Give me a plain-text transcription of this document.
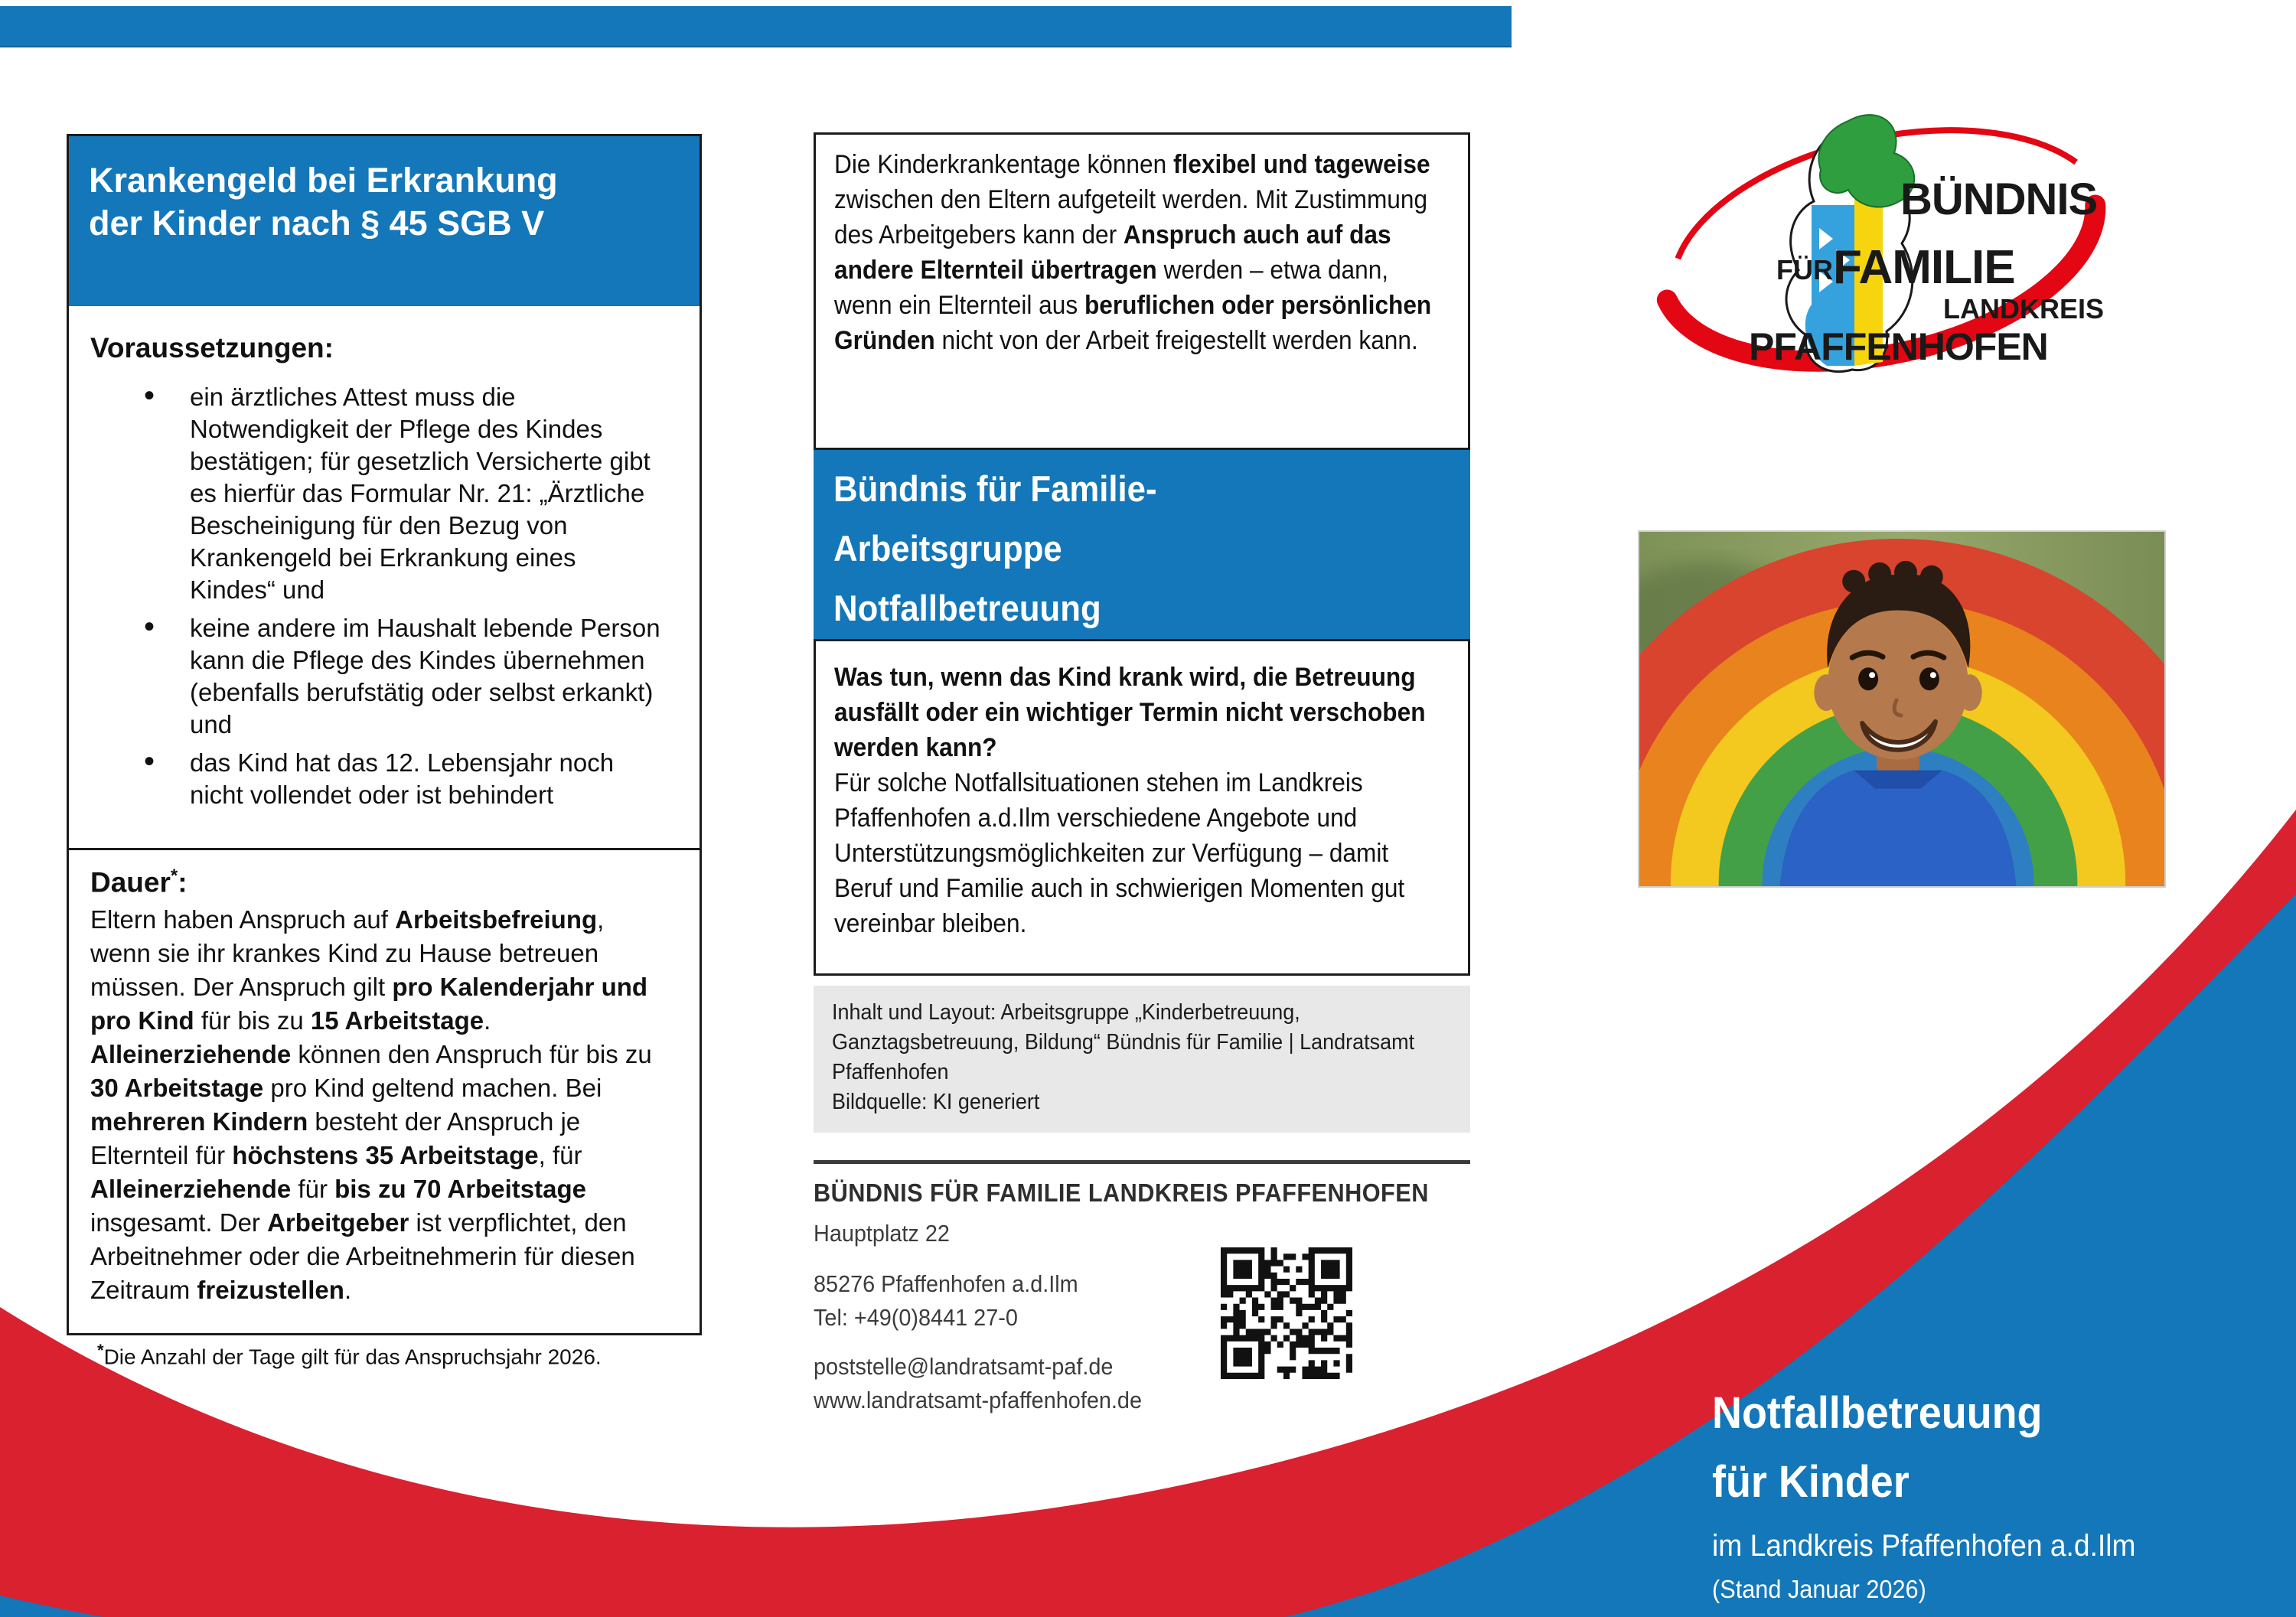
Krankengeld bei Erkrankung
der Kinder nach § 45 SGB V
Voraussetzungen:
• ein ärztliches Attest muss die Notwendigkeit der Pflege des Kindes bestätigen; für gesetzlich Versicherte gibt es hierfür das Formular Nr. 21: „Ärztliche Bescheinigung für den Bezug von Krankengeld bei Erkrankung eines Kindes“ und
• keine andere im Haushalt lebende Person kann die Pflege des Kindes übernehmen (ebenfalls berufstätig oder selbst erkankt) und
• das Kind hat das 12. Lebensjahr noch nicht vollendet oder ist behindert
Dauer*:

Eltern haben Anspruch auf Arbeitsbefreiung, wenn sie ihr krankes Kind zu Hause betreuen müssen. Der Anspruch gilt pro Kalenderjahr und pro Kind für bis zu 15 Arbeitstage. Alleinerziehende können den Anspruch für bis zu 30 Arbeitstage pro Kind geltend machen. Bei mehreren Kindern besteht der Anspruch je Elternteil für höchstens 35 Arbeitstage, für Alleinerziehende für bis zu 70 Arbeitstage insgesamt. Der Arbeitgeber ist verpflichtet, den Arbeitnehmer oder die Arbeitnehmerin für diesen Zeitraum freizustellen.

*Die Anzahl der Tage gilt für das Anspruchsjahr 2026.

Die Kinderkrankentage können flexibel und tageweise zwischen den Eltern aufgeteilt werden. Mit Zustimmung des Arbeitgebers kann der Anspruch auch auf das andere Elternteil übertragen werden – etwa dann, wenn ein Elternteil aus beruflichen oder persönlichen Gründen nicht von der Arbeit freigestellt werden kann.

Bündnis für Familie-
Arbeitsgruppe
Notfallbetreuung
Was tun, wenn das Kind krank wird, die Betreuung ausfällt oder ein wichtiger Termin nicht verschoben werden kann?
Für solche Notfallsituationen stehen im Landkreis Pfaffenhofen a.d.Ilm verschiedene Angebote und Unterstützungsmöglichkeiten zur Verfügung – damit Beruf und Familie auch in schwierigen Momenten gut vereinbar bleiben.

Inhalt und Layout: Arbeitsgruppe „Kinderbetreuung, Ganztagsbetreuung, Bildung“ Bündnis für Familie | Landratsamt Pfaffenhofen

Bildquelle: KI generiert

BÜNDNIS FÜR FAMILIE LANDKREIS PFAFFENHOFEN
Hauptplatz 22
85276 Pfaffenhofen a.d.Ilm
Tel: +49(0)8441 27-0
poststelle@landratsamt-paf.de
www.landratsamt-pfaffenhofen.de
BÜNDNIS
FÜR FAMILIE
LANDKREIS
PFAFFENHOFEN
Notfallbetreuung
für Kinder
im Landkreis Pfaffenhofen a.d.Ilm
(Stand Januar 2026)
